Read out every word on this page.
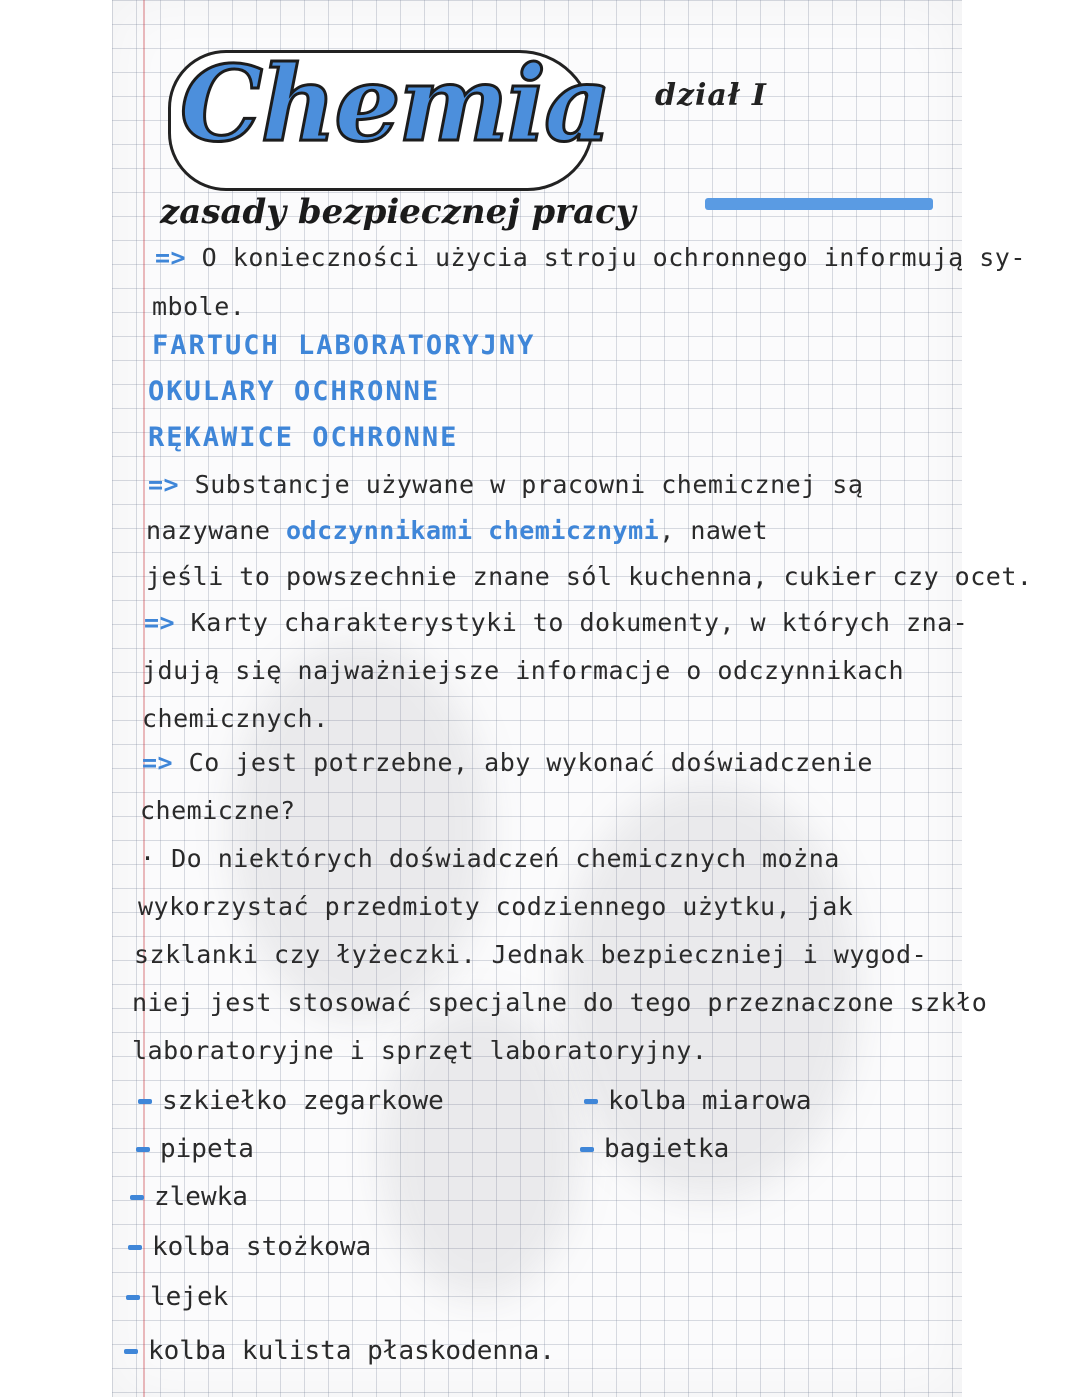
Chemia dział I
zasady bezpiecznej pracy
=> O konieczności użycia stroju ochronnego informują sy-
mbole.
FARTUCH LABORATORYJNY
OKULARY OCHRONNE
RĘKAWICE OCHRONNE
=> Substancje używane w pracowni chemicznej są
nazywane odczynnikami chemicznymi, nawet
jeśli to powszechnie znane sól kuchenna, cukier czy ocet.
=> Karty charakterystyki to dokumenty, w których zna-
jdują się najważniejsze informacje o odczynnikach
chemicznych.
=> Co jest potrzebne, aby wykonać doświadczenie
chemiczne?
· Do niektórych doświadczeń chemicznych można
wykorzystać przedmioty codziennego użytku, jak
szklanki czy łyżeczki. Jednak bezpieczniej i wygod-
niej jest stosować specjalne do tego przeznaczone szkło
laboratoryjne i sprzęt laboratoryjny.
szkiełko zegarkowe
pipeta
zlewka
kolba stożkowa
lejek
kolba kulista płaskodenna.
kolba miarowa
bagietka
